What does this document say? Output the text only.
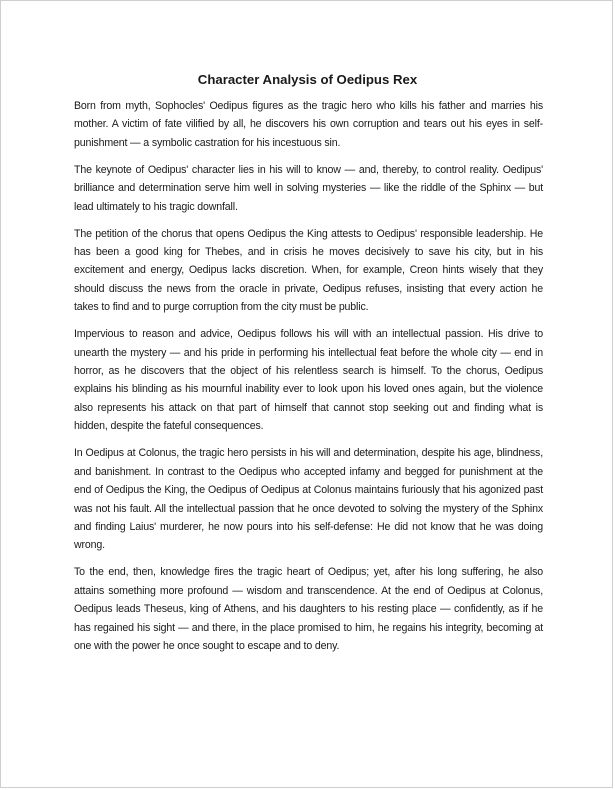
Character Analysis of Oedipus Rex

Born from myth, Sophocles' Oedipus figures as the tragic hero who kills his father and marries his mother. A victim of fate vilified by all, he discovers his own corruption and tears out his eyes in self-punishment — a symbolic castration for his incestuous sin.

The keynote of Oedipus' character lies in his will to know — and, thereby, to control reality. Oedipus' brilliance and determination serve him well in solving mysteries — like the riddle of the Sphinx — but lead ultimately to his tragic downfall.

The petition of the chorus that opens Oedipus the King attests to Oedipus' responsible leadership. He has been a good king for Thebes, and in crisis he moves decisively to save his city, but in his excitement and energy, Oedipus lacks discretion. When, for example, Creon hints wisely that they should discuss the news from the oracle in private, Oedipus refuses, insisting that every action he takes to find and to purge corruption from the city must be public.

Impervious to reason and advice, Oedipus follows his will with an intellectual passion. His drive to unearth the mystery — and his pride in performing his intellectual feat before the whole city — end in horror, as he discovers that the object of his relentless search is himself. To the chorus, Oedipus explains his blinding as his mournful inability ever to look upon his loved ones again, but the violence also represents his attack on that part of himself that cannot stop seeking out and finding what is hidden, despite the fateful consequences.

In Oedipus at Colonus, the tragic hero persists in his will and determination, despite his age, blindness, and banishment. In contrast to the Oedipus who accepted infamy and begged for punishment at the end of Oedipus the King, the Oedipus of Oedipus at Colonus maintains furiously that his agonized past was not his fault. All the intellectual passion that he once devoted to solving the mystery of the Sphinx and finding Laius' murderer, he now pours into his self-defense: He did not know that he was doing wrong.

To the end, then, knowledge fires the tragic heart of Oedipus; yet, after his long suffering, he also attains something more profound — wisdom and transcendence. At the end of Oedipus at Colonus, Oedipus leads Theseus, king of Athens, and his daughters to his resting place — confidently, as if he has regained his sight — and there, in the place promised to him, he regains his integrity, becoming at one with the power he once sought to escape and to deny.
